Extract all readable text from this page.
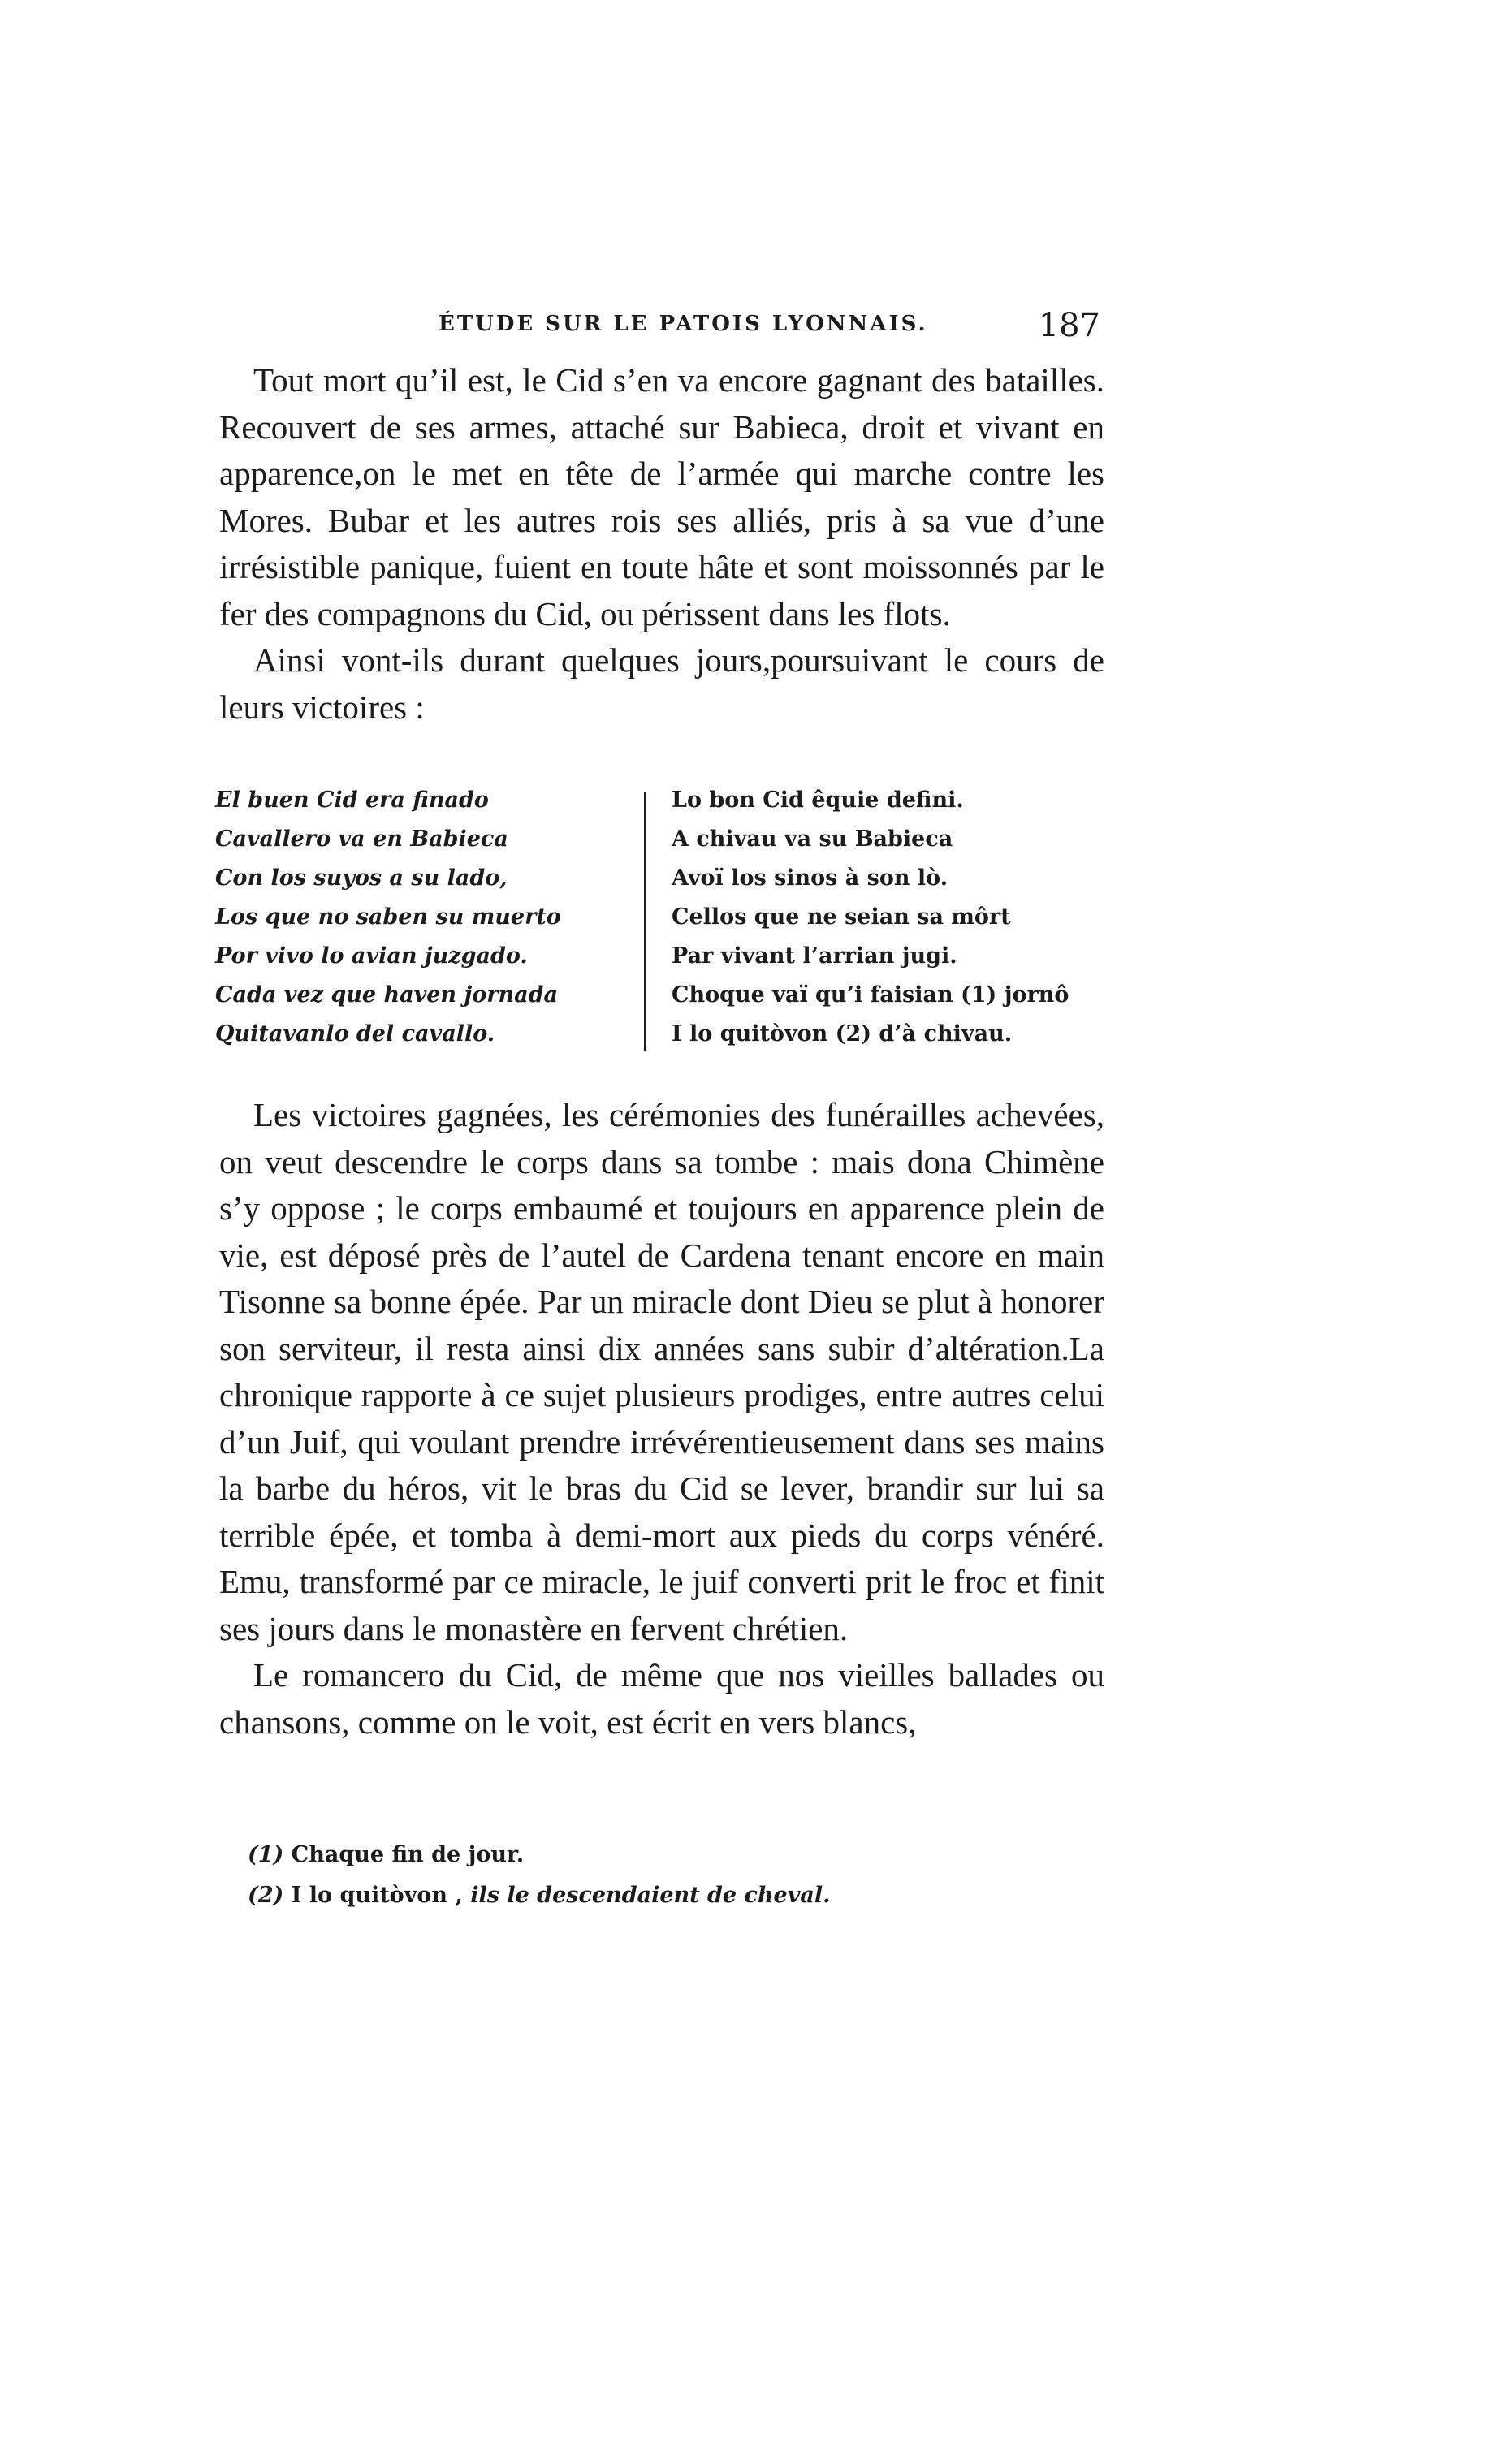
ÉTUDE SUR LE PATOIS LYONNAIS.	187

Tout mort qu’il est, le Cid s’en va encore gagnant des batailles. Recouvert de ses armes, attaché sur Babieca, droit et vivant en apparence,on le met en tête de l’armée qui marche contre les Mores. Bubar et les autres rois ses alliés, pris à sa vue d’une irrésistible panique, fuient en toute hâte et sont moissonnés par le fer des compagnons du Cid, ou périssent dans les flots.

Ainsi vont-ils durant quelques jours,poursuivant le cours de leurs victoires :

El buen Cid era finado
Cavallero va en Babieca
Con los suyos a su lado,
Los que no saben su muerto
Por vivo lo avian juzgado.
Cada vez que haven jornada
Quitavanlo del cavallo.
Lo bon Cid êquie defini.
A chivau va su Babieca
Avoï los sinos à son lò.
Cellos que ne seian sa môrt
Par vivant l’arrian jugi.
Choque vaï qu’i faisian (1) jornô
I lo quitòvon (2) d’à chivau.

Les victoires gagnées, les cérémonies des funérailles achevées, on veut descendre le corps dans sa tombe : mais dona Chimène s’y oppose ; le corps embaumé et toujours en apparence plein de vie, est déposé près de l’autel de Cardena tenant encore en main Tisonne sa bonne épée. Par un miracle dont Dieu se plut à honorer son serviteur, il resta ainsi dix années sans subir d’altération.La chronique rapporte à ce sujet plusieurs prodiges, entre autres celui d’un Juif, qui voulant prendre irrévérentieusement dans ses mains la barbe du héros, vit le bras du Cid se lever, brandir sur lui sa terrible épée, et tomba à demi-mort aux pieds du corps vénéré. Emu, transformé par ce miracle, le juif converti prit le froc et finit ses jours dans le monastère en fervent chrétien.

Le romancero du Cid, de même que nos vieilles ballades ou chansons, comme on le voit, est écrit en vers blancs,

(1) Chaque fin de jour.
(2) I lo quitòvon , ils le descendaient de cheval.
